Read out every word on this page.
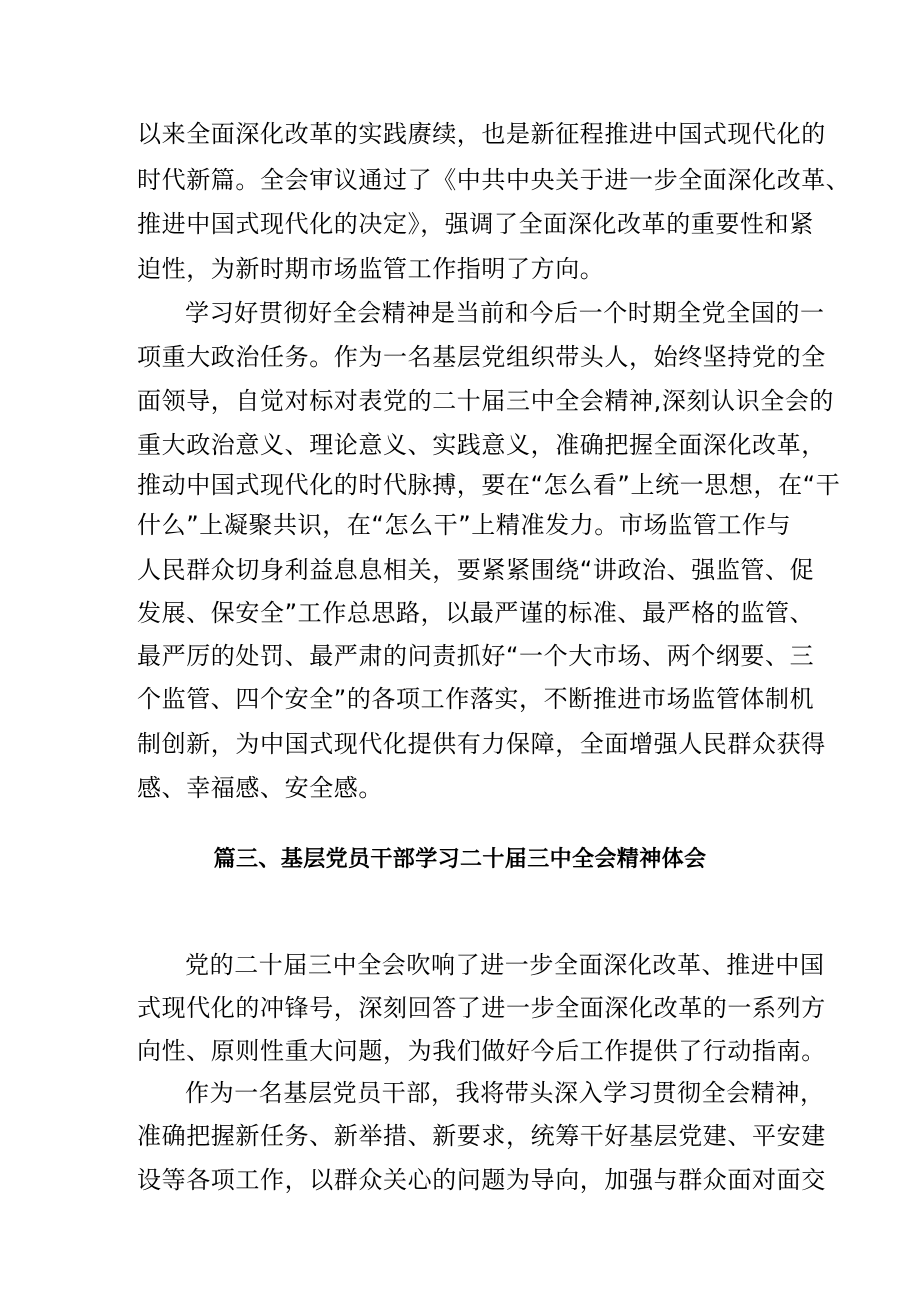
以来全面深化改革的实践赓续，也是新征程推进中国式现代化的
时代新篇。全会审议通过了《中共中央关于进一步全面深化改革、
推进中国式现代化的决定》，强调了全面深化改革的重要性和紧
迫性，为新时期市场监管工作指明了方向。
学习好贯彻好全会精神是当前和今后一个时期全党全国的一
项重大政治任务。作为一名基层党组织带头人，始终坚持党的全
面领导，自觉对标对表党的二十届三中全会精神,深刻认识全会的
重大政治意义、理论意义、实践意义，准确把握全面深化改革，
推动中国式现代化的时代脉搏，要在“怎么看”上统一思想，在“干
什么”上凝聚共识，在“怎么干”上精准发力。市场监管工作与
人民群众切身利益息息相关，要紧紧围绕“讲政治、强监管、促
发展、保安全”工作总思路，以最严谨的标准、最严格的监管、
最严厉的处罚、最严肃的问责抓好“一个大市场、两个纲要、三
个监管、四个安全”的各项工作落实，不断推进市场监管体制机
制创新，为中国式现代化提供有力保障，全面增强人民群众获得
感、幸福感、安全感。
篇三、基层党员干部学习二十届三中全会精神体会
党的二十届三中全会吹响了进一步全面深化改革、推进中国
式现代化的冲锋号，深刻回答了进一步全面深化改革的一系列方
向性、原则性重大问题，为我们做好今后工作提供了行动指南。
作为一名基层党员干部，我将带头深入学习贯彻全会精神，
准确把握新任务、新举措、新要求，统筹干好基层党建、平安建
设等各项工作，以群众关心的问题为导向，加强与群众面对面交
